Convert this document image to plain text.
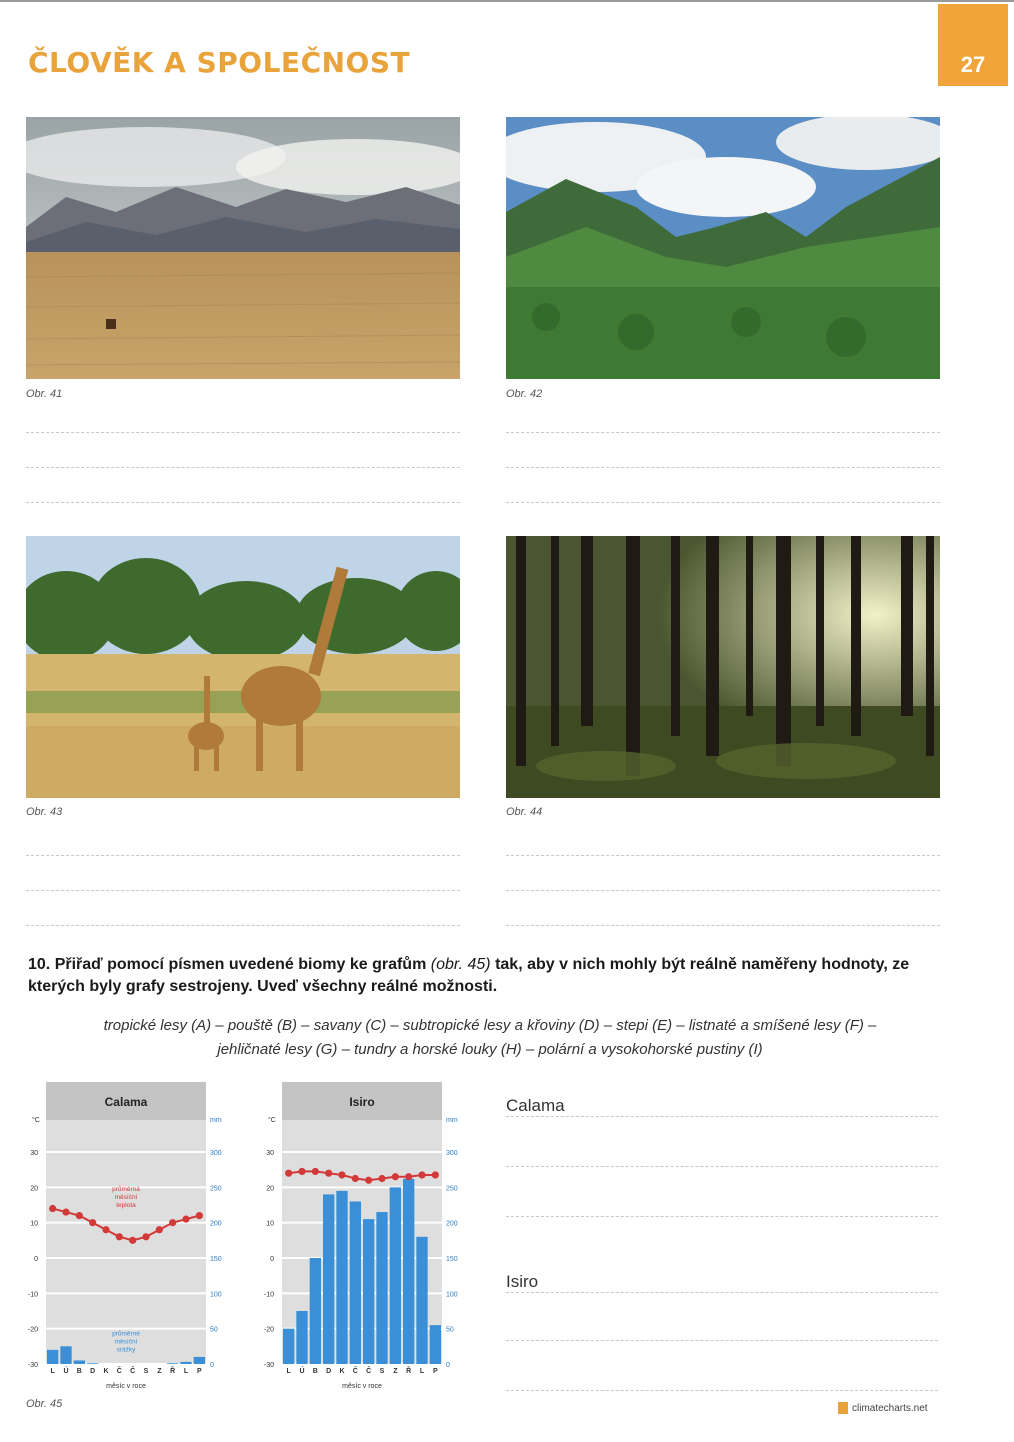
ČLOVĚK A SPOLEČNOST	27
Obr. 41	Obr. 42
Obr. 43	Obr. 44
10. Přiřaď pomocí písmen uvedené biomy ke grafům (obr. 45) tak, aby v nich mohly být reálně naměřeny hodnoty, ze kterých byly grafy sestrojeny. Uveď všechny reálné možnosti.
tropické lesy (A) – pouště (B) – savany (C) – subtropické lesy a křoviny (D) – stepi (E) – listnaté a smíšené lesy (F) –
jehličnaté lesy (G) – tundry a horské louky (H) – polární a vysokohorské pustiny (I)
Calama
30	300
20	250
10	200
0	150
-10	100
-20	50
-30	0
°C	mm
průměrná
měsíční
teplota
průměrné
měsíční
srážky
L Ú B D K Č Č S Z Ř L P
měsíc v roce
Isiro
30	300
20	250
10	200
0	150
-10	100
-20	50
-30	0
°C	mm
L Ú B D K Č Č S Z Ř L P
měsíc v roce
Calama
Isiro
Obr. 45	climatecharts.net
